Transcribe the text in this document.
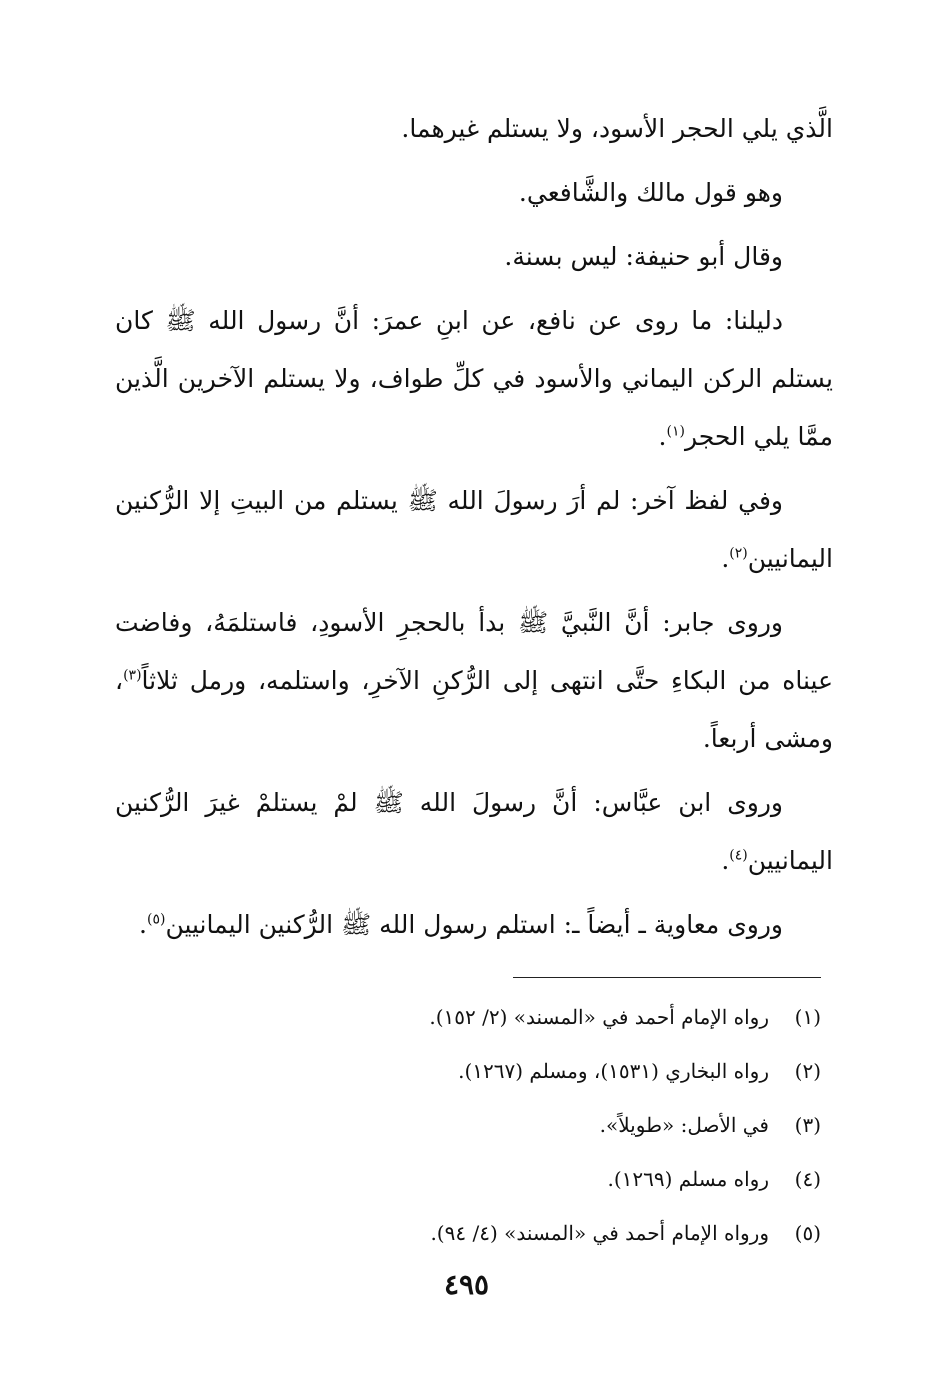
الَّذي يلي الحجر الأسود، ولا يستلم غيرهما.

وهو قول مالك والشَّافعي.

وقال أبو حنيفة: ليس بسنة.

دليلنا: ما روى عن نافع، عن ابنِ عمرَ: أنَّ رسول الله ﷺ كان يستلم الركن اليماني والأسود في كلِّ طواف، ولا يستلم الآخرين الَّذين ممَّا يلي الحجر$^{(١)}$.

وفي لفظ آخر: لم أرَ رسولَ الله ﷺ يستلم من البيتِ إلا الرُّكنين اليمانيين$^{(٢)}$.

وروى جابر: أنَّ النَّبيَّ ﷺ بدأ بالحجرِ الأسودِ، فاستلمَهُ، وفاضت عيناه من البكاءِ حتَّى انتهى إلى الرُّكنِ الآخرِ، واستلمه، ورمل ثلاثاً$^{(٣)}$، ومشى أربعاً.

وروى ابن عبَّاس: أنَّ رسولَ الله ﷺ لمْ يستلمْ غيرَ الرُّكنين اليمانيين$^{(٤)}$.

وروى معاوية ـ أيضاً ـ: استلم رسول الله ﷺ الرُّكنين اليمانيين$^{(٥)}$.

(١)
رواه الإمام أحمد في «المسند» (٢/ ١٥٢).
(٢)
رواه البخاري (١٥٣١)، ومسلم (١٢٦٧).
(٣)
في الأصل: «طويلاً».
(٤)
رواه مسلم (١٢٦٩).
(٥)
ورواه الإمام أحمد في «المسند» (٤/ ٩٤).
٤٩٥
